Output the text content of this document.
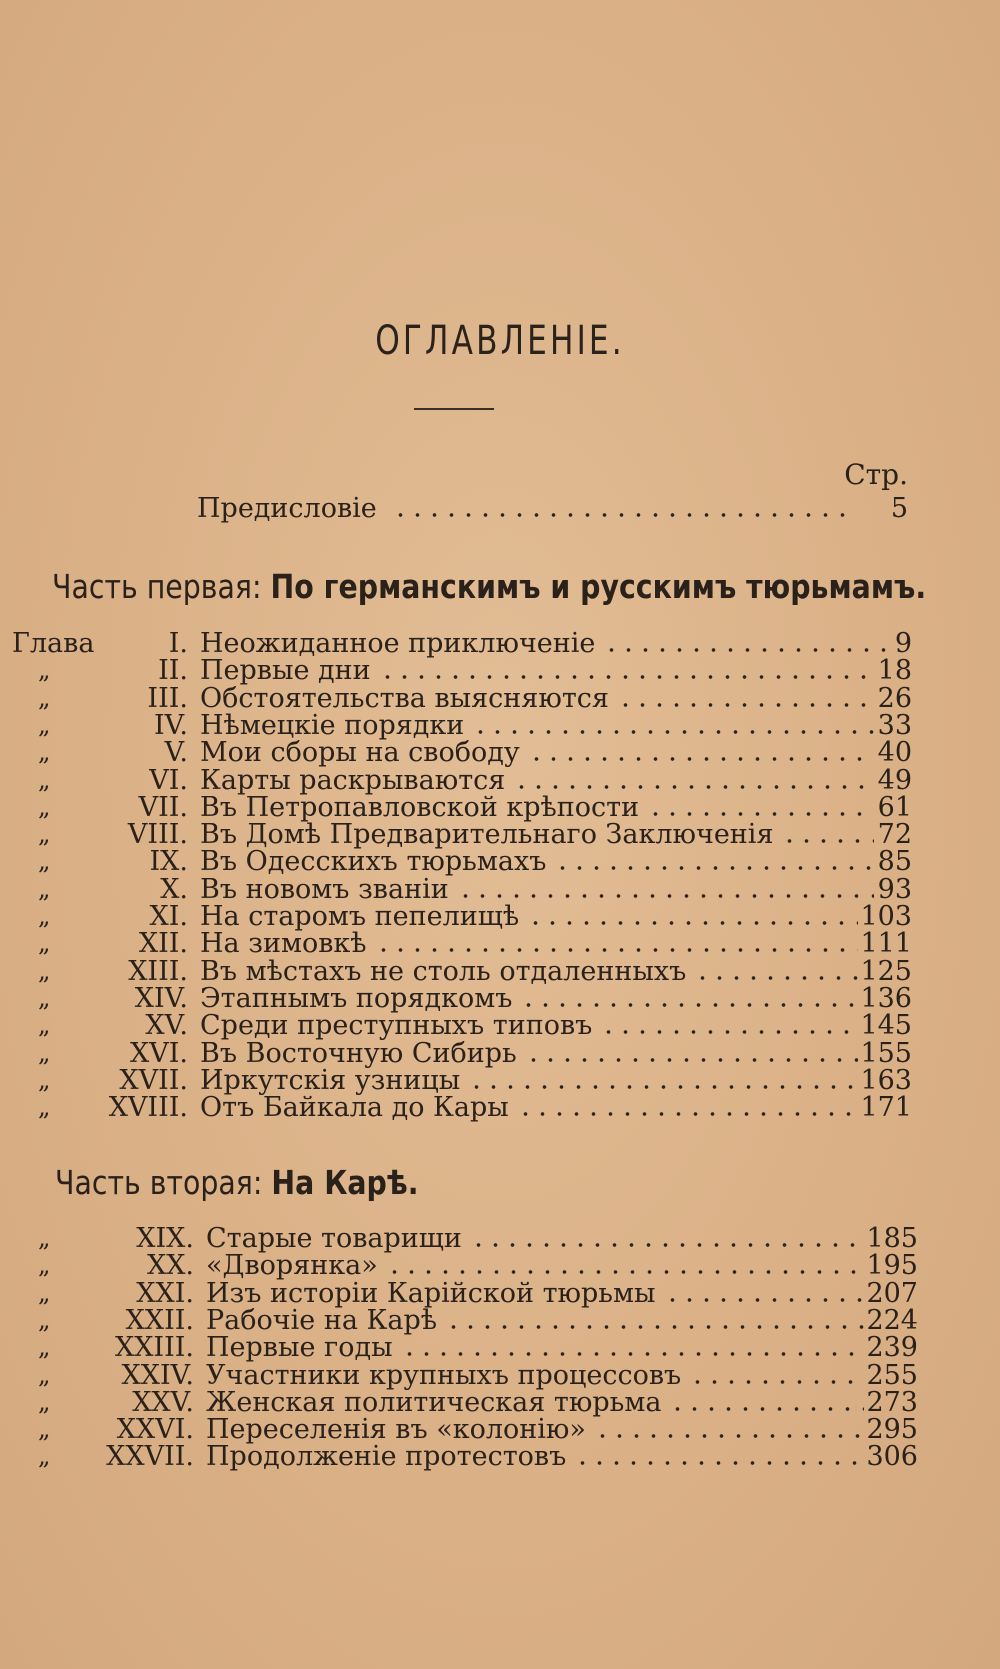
ОГЛАВЛЕНIЕ.
Стр.
Предисловiе	5
Часть первая: По германскимъ и русскимъ тюрьмамъ.
Глава	I. Неожиданное приключенiе	9
„	II. Первые дни	18
„	III. Обстоятельства выясняются	26
„	IV. Нѣмецкiе порядки	33
„	V. Мои сборы на свободу	40
„	VI. Карты раскрываются	49
„	VII. Въ Петропавловской крѣпости	61
„	VIII. Въ Домѣ Предварительнаго Заключенiя	72
„	IX. Въ Одесскихъ тюрьмахъ	85
„	X. Въ новомъ званiи	93
„	XI. На старомъ пепелищѣ	103
„	XII. На зимовкѣ	111
„	XIII. Въ мѣстахъ не столь отдаленныхъ	125
„	XIV. Этапнымъ порядкомъ	136
„	XV. Среди преступныхъ типовъ	145
„	XVI. Въ Восточную Сибирь	155
„	XVII. Иркутскiя узницы	163
„ XVIII. Отъ Байкала до Кары	171
Часть вторая: На Карѣ.
„	XIX. Старые товарищи	185
„	XX. «Дворянка»	195
„	XXI. Изъ исторiи Карiйской тюрьмы	207
„	XXII. Рабочiе на Карѣ	224
„ XXIII. Первые годы	239
„	XXIV. Участники крупныхъ процессовъ	255
„	XXV. Женская политическая тюрьма	273
„ XXVI. Переселенiя въ «колонiю»	295
„ XXVII. Продолженiе протестовъ	306
